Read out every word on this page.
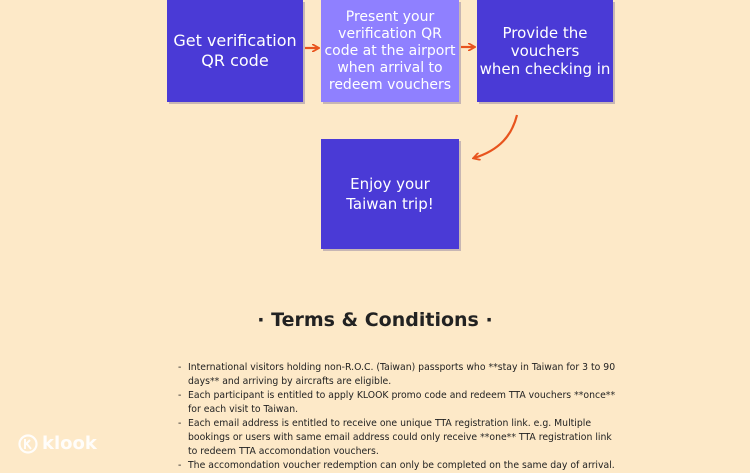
Get verification
QR code
Present your
verification QR
code at the airport
when arrival to
redeem vouchers
Provide the
vouchers
when checking in
Enjoy your
Taiwan trip!
· Terms & Conditions ·
- International visitors holding non-R.O.C. (Taiwan) passports who **stay in Taiwan for 3 to 90 days** and arriving by aircrafts are eligible.
- Each participant is entitled to apply KLOOK promo code and redeem TTA vouchers **once** for each visit to Taiwan.
- Each email address is entitled to receive one unique TTA registration link. e.g. Multiple bookings or users with same email address could only receive **one** TTA registration link to redeem TTA accomondation vouchers.
- The accomondation voucher redemption can only be completed on the same day of arrival.
klook
